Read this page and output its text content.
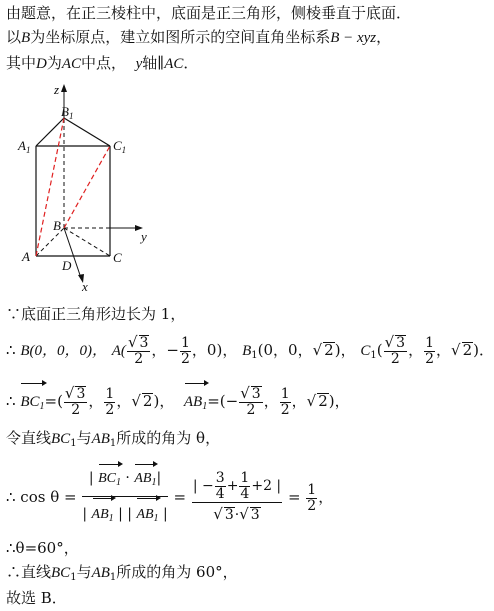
由题意，在正三棱柱中，底面是正三角形，侧棱垂直于底面．
以B为坐标原点，建立如图所示的空间直角坐标系B − xyz，
其中D为AC中点， y轴∥AC．
z
$B_1$
$A_1$	$C_1$
B
y
A
D
C
x
∵底面正三角形边长为 1，
∴ B(0，0，0)， $A( \frac{√ 3}{2}$ ，− $\frac{1}{2}$ ，0)， $B_1(0$，0，√ 2)， $C_1( \frac{√ 3}{2}$ ， $\frac{1}{2}$ ，√ 2)．
∴ $BC_1=( \frac{√ 3}{2}$ ， $\frac{1}{2}$ ，√ 2)， $AB_1=(- \frac{√ 3}{2}$ ， $\frac{1}{2}$ ，√ 2)，
令直线$BC_1$与$AB_1$所成的角为 θ，
∴ $\cos \theta = \frac{| BC_1 \cdot AB_1|}{| AB_1 | | AB_1 |} = \frac{| - \frac{3}{4} + \frac{1}{4} +2 |}{√ 3\cdot√ 3} = \frac{1}{2}$ ，
∴θ=60°，
∴直线$BC_1$与$AB_1$所成的角为 60°，
故选 B．
